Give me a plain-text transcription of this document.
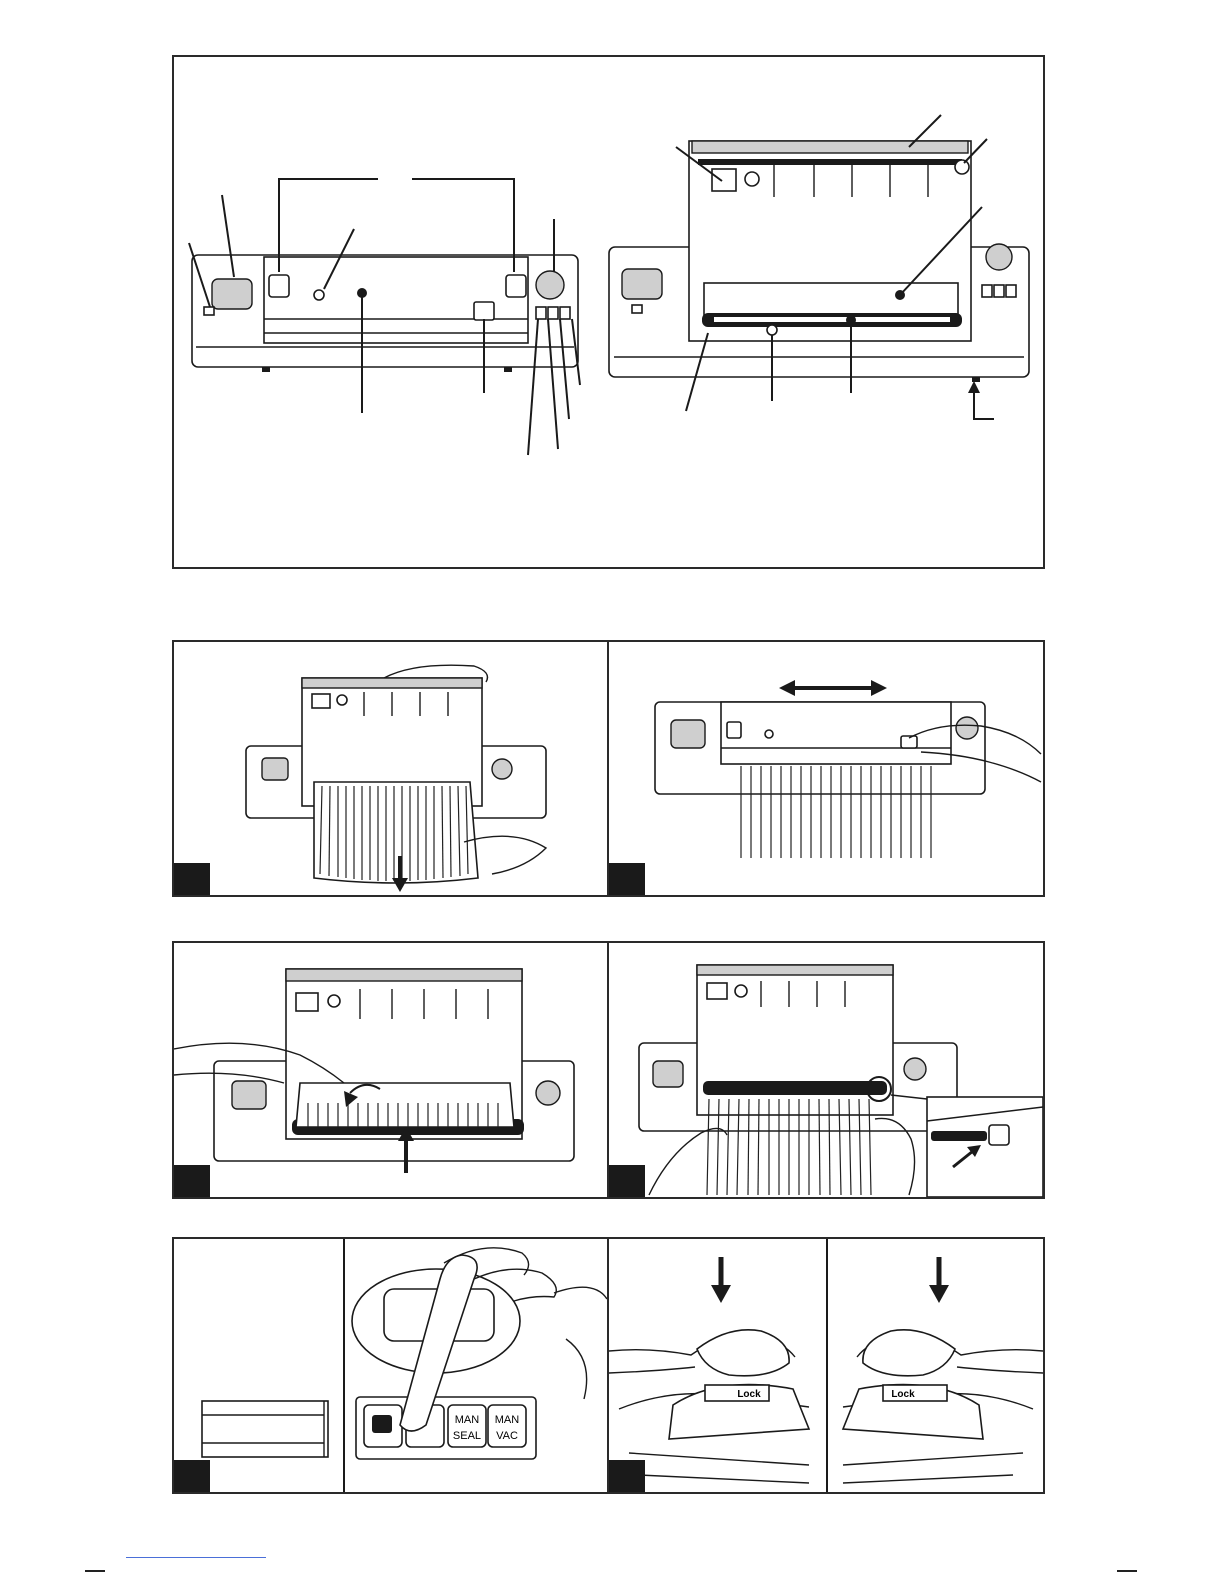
MAN
SEAL
MAN
VAC
Lock	Lock
